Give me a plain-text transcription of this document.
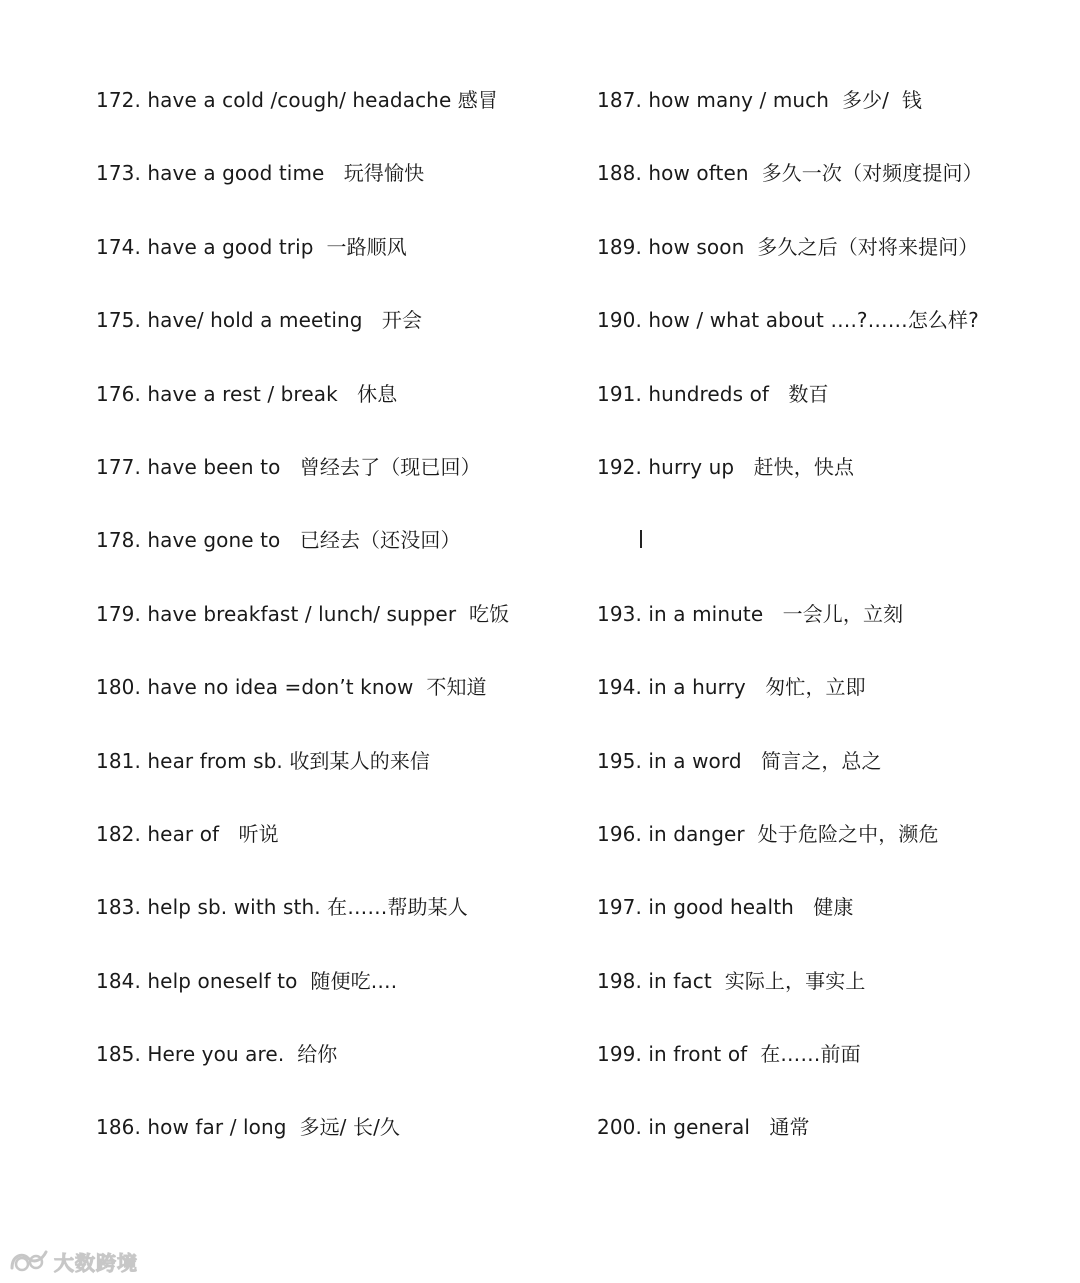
172. have a cold /cough/ headache 感冒
173. have a good time   玩得愉快
174. have a good trip  一路顺风
175. have/ hold a meeting   开会
176. have a rest / break   休息
177. have been to   曾经去了（现已回）
178. have gone to   已经去（还没回）
179. have breakfast / lunch/ supper  吃饭
180. have no idea =don’t know  不知道
181. hear from sb. 收到某人的来信
182. hear of   听说
183. help sb. with sth. 在……帮助某人
184. help oneself to  随便吃….
185. Here you are.  给你
186. how far / long  多远/ 长/久
187. how many / much  多少/  钱
188. how often  多久一次（对频度提问）
189. how soon  多久之后（对将来提问）
190. how / what about ….?……怎么样?
191. hundreds of   数百
192. hurry up   赶快，快点

193. in a minute   一会儿，立刻
194. in a hurry   匆忙，立即
195. in a word   简言之，总之
196. in danger  处于危险之中，濒危
197. in good health   健康
198. in fact  实际上，事实上
199. in front of  在……前面
200. in general   通常
大数跨境
